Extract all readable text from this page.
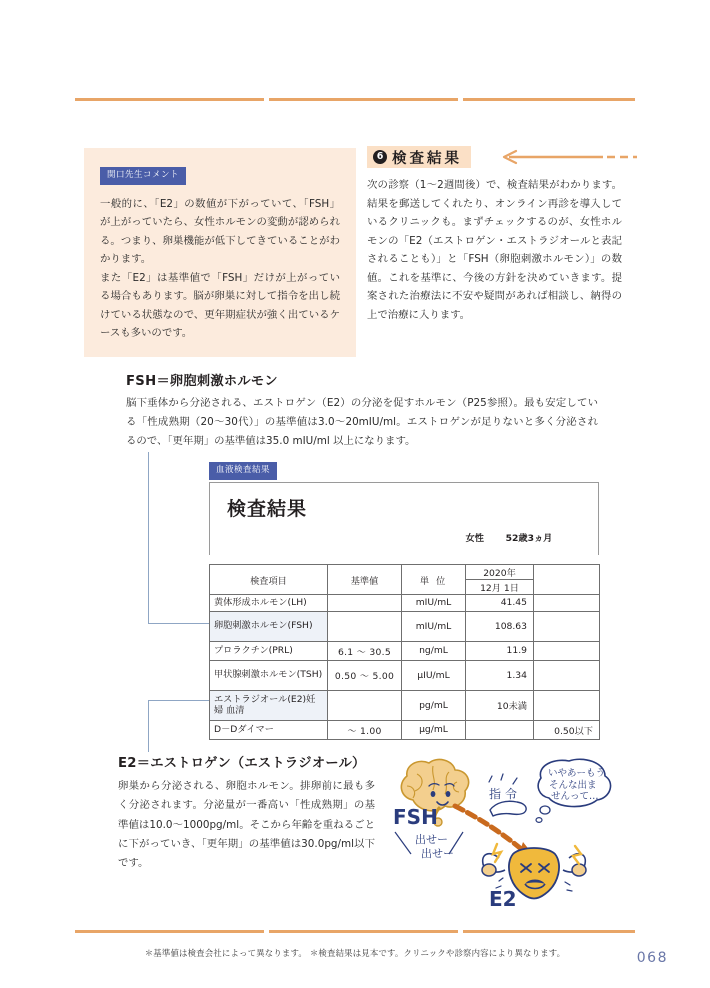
関口先生コメント

一般的に、「E2」の数値が下がっていて、「FSH」が上がっていたら、女性ホルモンの変動が認められる。つまり、卵巣機能が低下してきていることがわかります。

また「E2」は基準値で「FSH」だけが上がっている場合もあります。脳が卵巣に対して指令を出し続けている状態なので、更年期症状が強く出ているケースも多いのです。

6 検査結果

次の診察（1〜2週間後）で、検査結果がわかります。結果を郵送してくれたり、オンライン再診を導入しているクリニックも。まずチェックするのが、女性ホルモンの「E2（エストロゲン・エストラジオールと表記されることも）」と「FSH（卵胞刺激ホルモン）」の数値。これを基準に、今後の方針を決めていきます。提案された治療法に不安や疑問があれば相談し、納得の上で治療に入ります。

FSH＝卵胞刺激ホルモン

脳下垂体から分泌される、エストロゲン（E2）の分泌を促すホルモン（P25参照）。最も安定している「性成熟期（20〜30代）」の基準値は3.0〜20mIU/ml。エストロゲンが足りないと多く分泌されるので、「更年期」の基準値は35.0 mIU/ml 以上になります。

血液検査結果
検査結果
女性	52歳3ヵ月
検査項目	基準値	単 位	2020年	
			12月 1日	
黄体形成ホルモン(LH)		mIU/mL	41.45	
卵胞刺激ホルモン(FSH)		mIU/mL	108.63	
プロラクチン(PRL)	6.1 ～ 30.5	ng/mL	11.9	
甲状腺刺激ホルモン(TSH)	0.50 ～ 5.00	μIU/mL	1.34	
エストラジオール(E2)妊婦 血清		pg/mL	10未満	
D－Dダイマー	～ 1.00	μg/mL		0.50以下
FSH
出せー
出せー
指 令
いやあーもう
そんな出ま
せんって…
E2
E2＝エストロゲン（エストラジオール）

卵巣から分泌される、卵胞ホルモン。排卵前に最も多く分泌されます。分泌量が一番高い「性成熟期」の基準値は10.0〜1000pg/ml。そこから年齢を重ねるごとに下がっていき、「更年期」の基準値は30.0pg/ml以下です。

＊基準値は検査会社によって異なります。 ＊検査結果は見本です。クリニックや診察内容により異なります。	068
